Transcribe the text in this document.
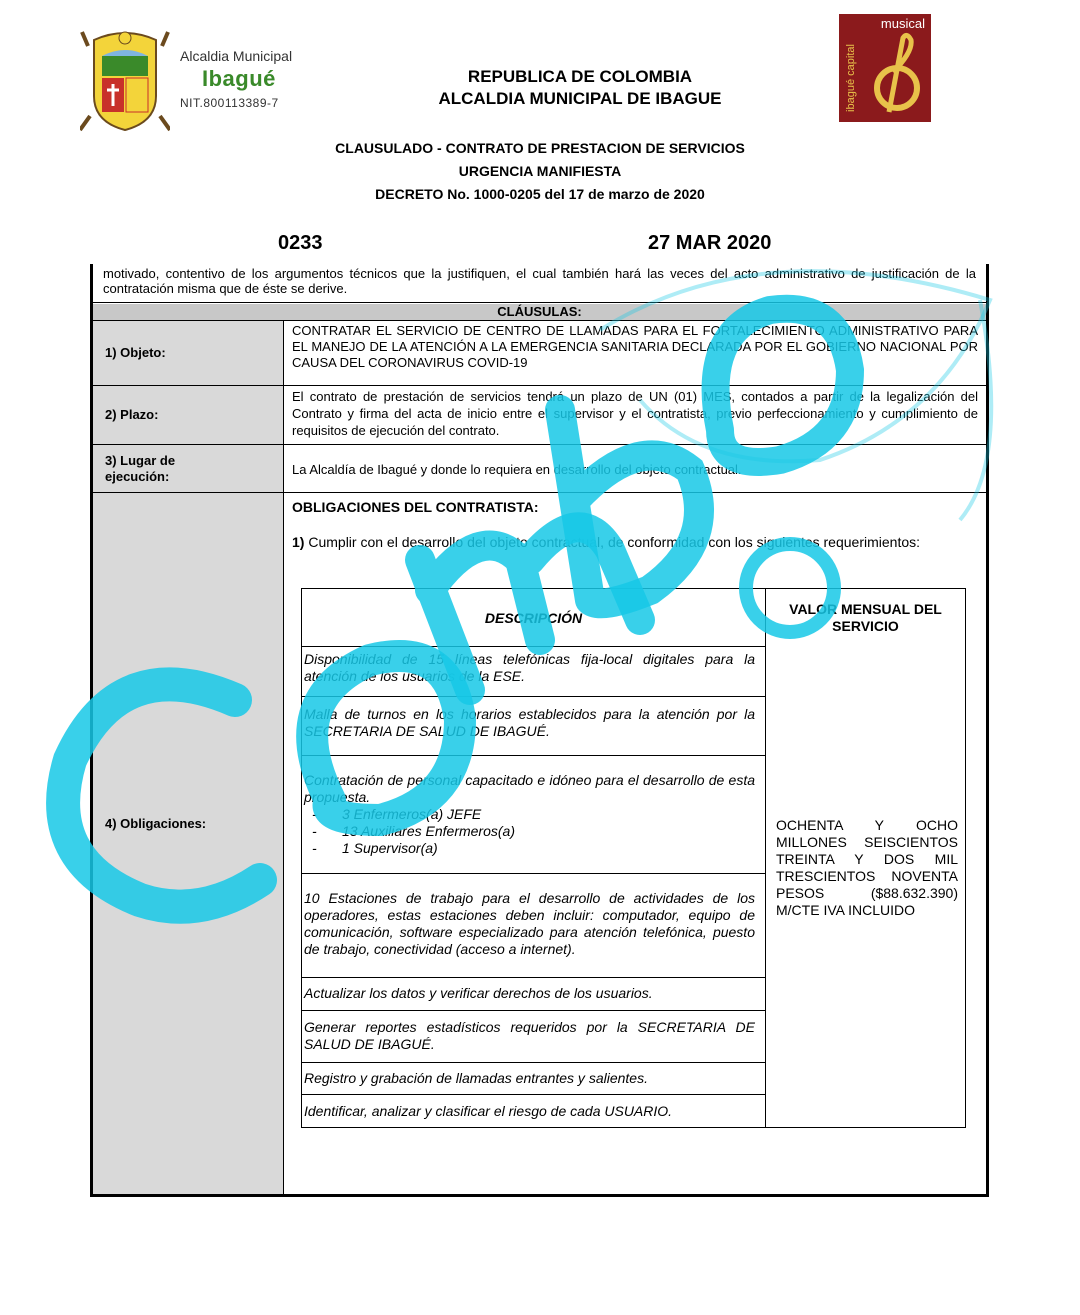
Alcaldia Municipal
Ibagué
NIT.800113389-7
REPUBLICA DE COLOMBIA
ALCALDIA MUNICIPAL DE IBAGUE
musical
ibagué capital
CLAUSULADO - CONTRATO DE PRESTACION DE SERVICIOS
URGENCIA MANIFIESTA
DECRETO No. 1000-0205 del 17 de marzo de 2020
0233	27 MAR 2020
motivado, contentivo de los argumentos técnicos que la justifiquen, el cual también hará las veces del acto administrativo de justificación de la contratación misma que de éste se derive.
CLÁUSULAS:
1) Objeto:
CONTRATAR EL SERVICIO DE CENTRO DE LLAMADAS PARA EL FORTALECIMIENTO ADMINISTRATIVO PARA EL MANEJO DE LA ATENCIÓN A LA EMERGENCIA SANITARIA DECLARADA POR EL GOBIERNO NACIONAL POR CAUSA DEL CORONAVIRUS COVID-19
2) Plazo:
El contrato de prestación de servicios tendrá un plazo de UN (01) MES, contados a partir de la legalización del Contrato y firma del acta de inicio entre el supervisor y el contratista, previo perfeccionamiento y cumplimiento de requisitos de ejecución del contrato.
3) Lugar de
ejecución:	La Alcaldía de Ibagué y donde lo requiera en desarrollo del objeto contractual.
4) Obligaciones:
OBLIGACIONES DEL CONTRATISTA:
1) Cumplir con el desarrollo del objeto contractual, de conformidad con los siguientes requerimientos:
DESCRIPCIÓN
VALOR MENSUAL DEL SERVICIO
Disponibilidad de 15 líneas telefónicas fija-local digitales para la atención de los usuarios de la ESE.
Malla de turnos en los horarios establecidos para la atención por la SECRETARIA DE SALUD DE IBAGUÉ.
Contratación de personal capacitado e idóneo para el desarrollo de esta propuesta.
- 3 Enfermeros(a) JEFE
- 13 Auxiliares Enfermeros(a)
- 1 Supervisor(a)
10 Estaciones de trabajo para el desarrollo de actividades de los operadores, estas estaciones deben incluir: computador, equipo de comunicación, software especializado para atención telefónica, puesto de trabajo, conectividad (acceso a internet).
Actualizar los datos y verificar derechos de los usuarios.
Generar reportes estadísticos requeridos por la SECRETARIA DE SALUD DE IBAGUÉ.
Registro y grabación de llamadas entrantes y salientes.
Identificar, analizar y clasificar el riesgo de cada USUARIO.
OCHENTA Y OCHO MILLONES SEISCIENTOS TREINTA Y DOS MIL TRESCIENTOS NOVENTA PESOS ($88.632.390) M/CTE IVA INCLUIDO
